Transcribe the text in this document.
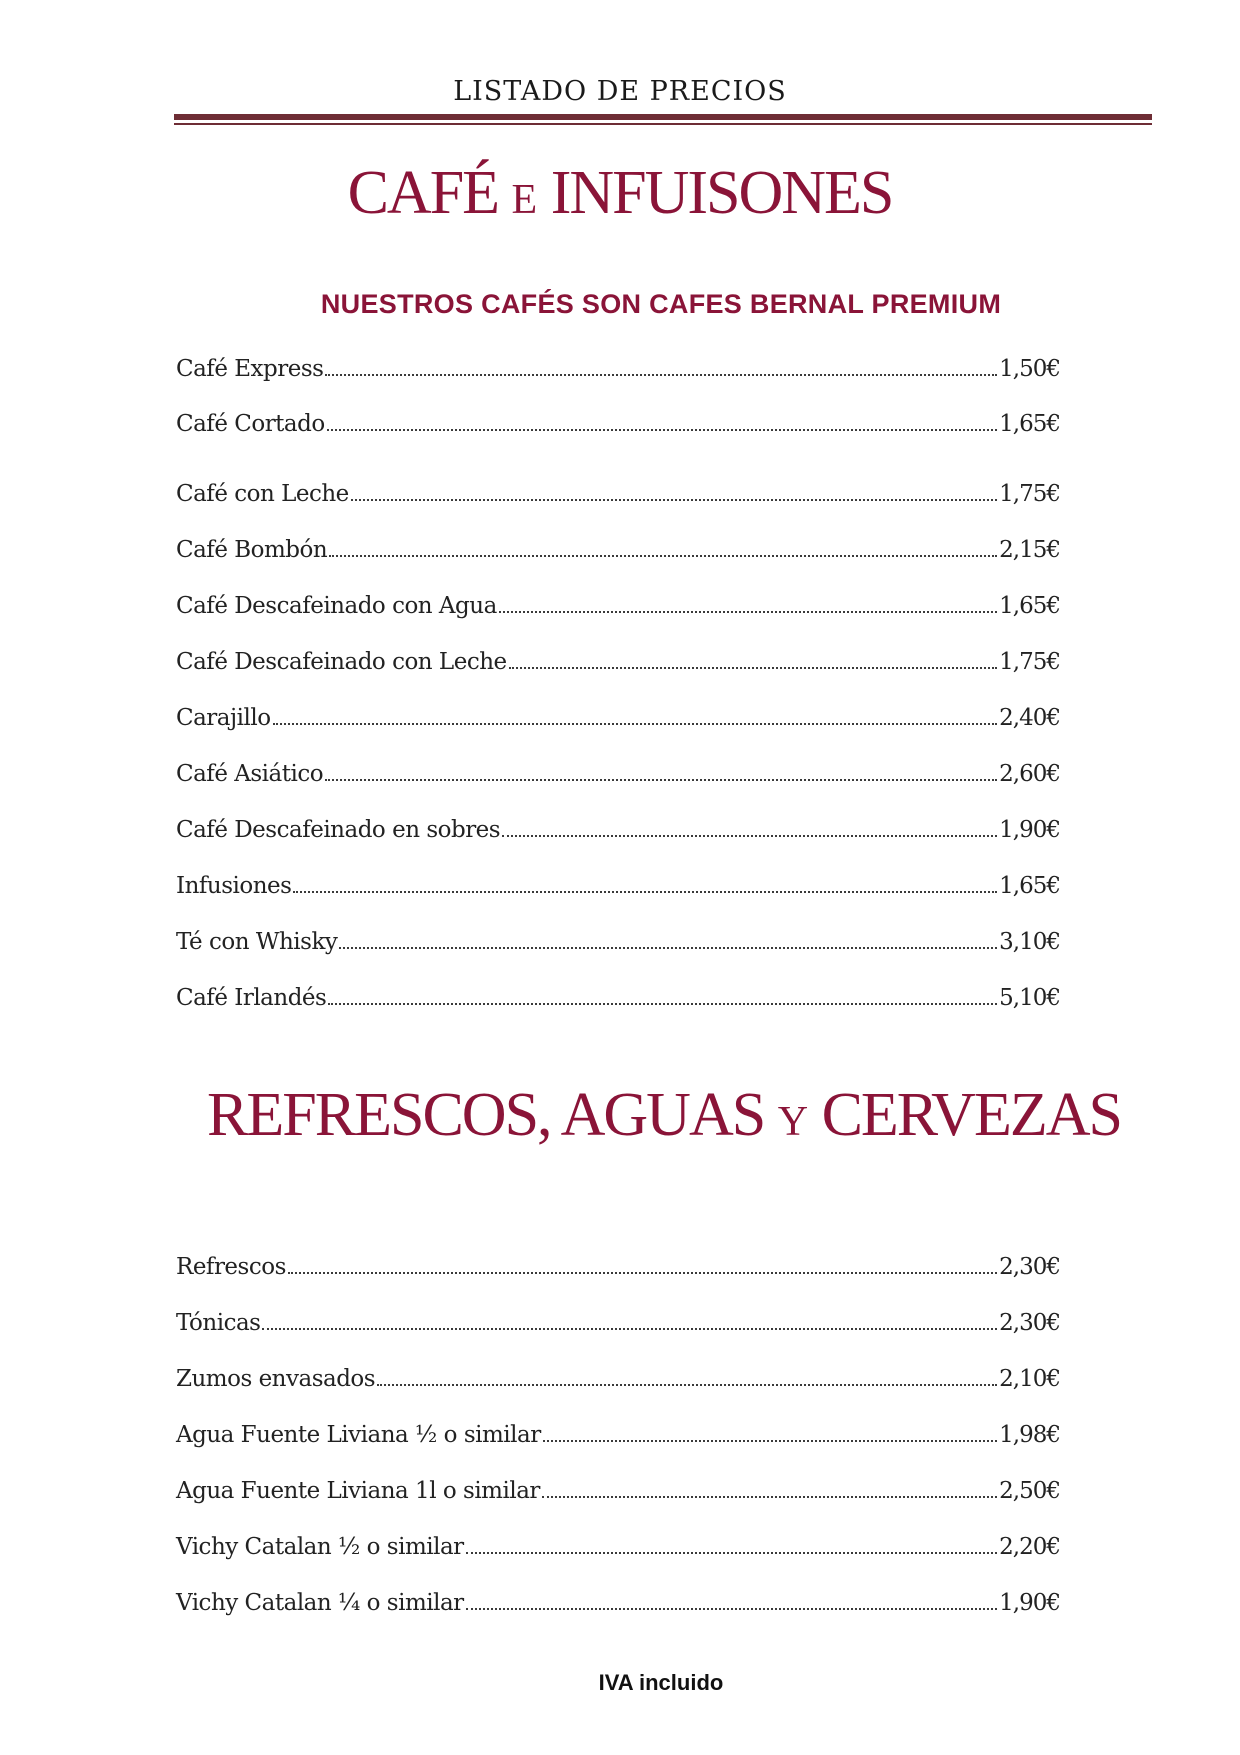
LISTADO DE PRECIOS
CAFÉ E INFUISONES
NUESTROS CAFÉS SON CAFES BERNAL PREMIUM
Café Express	1,50€
Café Cortado	1,65€
Café con Leche	1,75€
Café Bombón	2,15€
Café Descafeinado con Agua	1,65€
Café Descafeinado con Leche	1,75€
Carajillo	2,40€
Café Asiático	2,60€
Café Descafeinado en sobres	1,90€
Infusiones	1,65€
Té con Whisky	3,10€
Café Irlandés	5,10€
REFRESCOS, AGUAS Y CERVEZAS
Refrescos	2,30€
Tónicas	2,30€
Zumos envasados	2,10€
Agua Fuente Liviana ½ o similar	1,98€
Agua Fuente Liviana 1l o similar	2,50€
Vichy Catalan ½ o similar	2,20€
Vichy Catalan ¼ o similar	1,90€
IVA incluido
